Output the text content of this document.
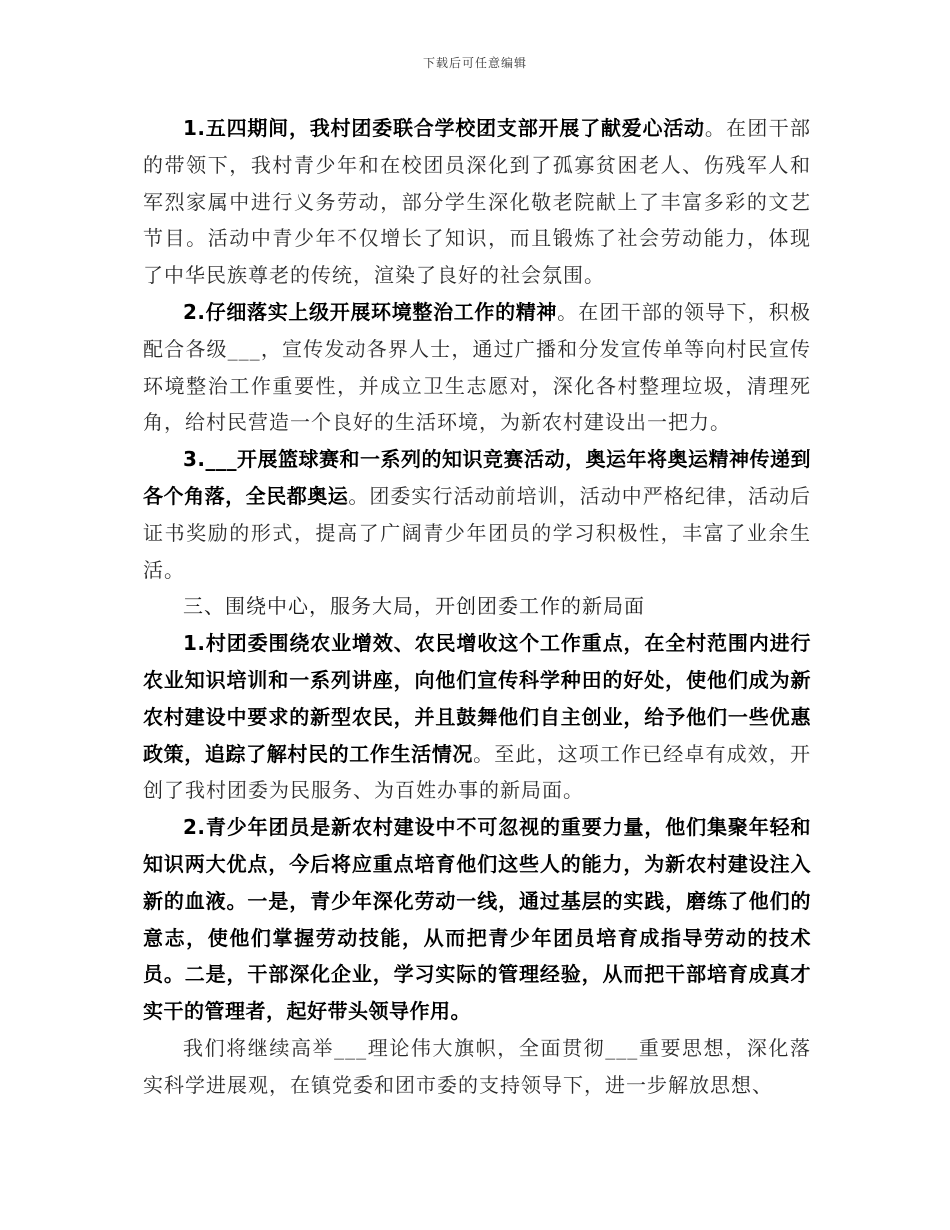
下载后可任意编辑

1.五四期间，我村团委联合学校团支部开展了献爱心活动。在团干部的带领下，我村青少年和在校团员深化到了孤寡贫困老人、伤残军人和军烈家属中进行义务劳动，部分学生深化敬老院献上了丰富多彩的文艺节目。活动中青少年不仅增长了知识，而且锻炼了社会劳动能力，体现了中华民族尊老的传统，渲染了良好的社会氛围。

2.仔细落实上级开展环境整治工作的精神。在团干部的领导下，积极配合各级___，宣传发动各界人士，通过广播和分发宣传单等向村民宣传环境整治工作重要性，并成立卫生志愿对，深化各村整理垃圾，清理死角，给村民营造一个良好的生活环境，为新农村建设出一把力。

3.___开展篮球赛和一系列的知识竞赛活动，奥运年将奥运精神传递到各个角落，全民都奥运。团委实行活动前培训，活动中严格纪律，活动后证书奖励的形式，提高了广阔青少年团员的学习积极性，丰富了业余生活。

三、围绕中心，服务大局，开创团委工作的新局面

1.村团委围绕农业增效、农民增收这个工作重点，在全村范围内进行农业知识培训和一系列讲座，向他们宣传科学种田的好处，使他们成为新农村建设中要求的新型农民，并且鼓舞他们自主创业，给予他们一些优惠政策，追踪了解村民的工作生活情况。至此，这项工作已经卓有成效，开创了我村团委为民服务、为百姓办事的新局面。

2.青少年团员是新农村建设中不可忽视的重要力量，他们集聚年轻和知识两大优点，今后将应重点培育他们这些人的能力，为新农村建设注入新的血液。一是，青少年深化劳动一线，通过基层的实践，磨练了他们的意志，使他们掌握劳动技能，从而把青少年团员培育成指导劳动的技术员。二是，干部深化企业，学习实际的管理经验，从而把干部培育成真才实干的管理者，起好带头领导作用。

我们将继续高举___理论伟大旗帜，全面贯彻___重要思想，深化落实科学进展观，在镇党委和团市委的支持领导下，进一步解放思想、
